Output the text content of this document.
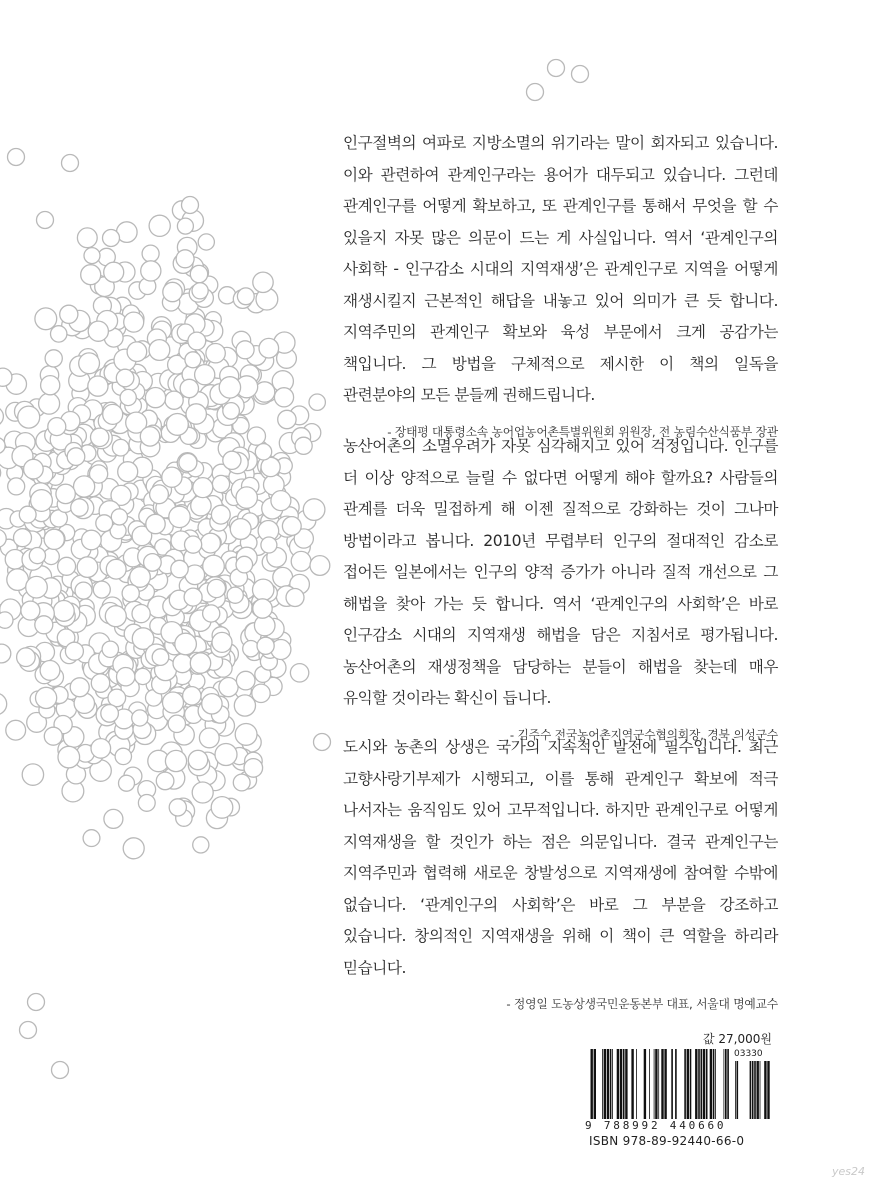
인구절벽의 여파로 지방소멸의 위기라는 말이 회자되고 있습니다. 이와 관련하여 관계인구라는 용어가 대두되고 있습니다. 그런데 관계인구를 어떻게 확보하고, 또 관계인구를 통해서 무엇을 할 수 있을지 자못 많은 의문이 드는 게 사실입니다. 역서 ‘관계인구의 사회학 - 인구감소 시대의 지역재생’은 관계인구로 지역을 어떻게 재생시킬지 근본적인 해답을 내놓고 있어 의미가 큰 듯 합니다. 지역주민의 관계인구 확보와 육성 부문에서 크게 공감가는 책입니다. 그 방법을 구체적으로 제시한 이 책의 일독을 관련분야의 모든 분들께 권해드립니다.

- 장태평 대통령소속 농어업농어촌특별위원회 위원장, 전 농림수산식품부 장관

농산어촌의 소멸우려가 자못 심각해지고 있어 걱정입니다. 인구를 더 이상 양적으로 늘릴 수 없다면 어떻게 해야 할까요? 사람들의 관계를 더욱 밀접하게 해 이젠 질적으로 강화하는 것이 그나마 방법이라고 봅니다. 2010년 무렵부터 인구의 절대적인 감소로 접어든 일본에서는 인구의 양적 증가가 아니라 질적 개선으로 그 해법을 찾아 가는 듯 합니다. 역서 ‘관계인구의 사회학’은 바로 인구감소 시대의 지역재생 해법을 담은 지침서로 평가됩니다. 농산어촌의 재생정책을 담당하는 분들이 해법을 찾는데 매우 유익할 것이라는 확신이 듭니다.

- 김주수 전국농어촌지역군수협의회장, 경북 의성군수

도시와 농촌의 상생은 국가의 지속적인 발전에 필수입니다. 최근 고향사랑기부제가 시행되고, 이를 통해 관계인구 확보에 적극 나서자는 움직임도 있어 고무적입니다. 하지만 관계인구로 어떻게 지역재생을 할 것인가 하는 점은 의문입니다. 결국 관계인구는 지역주민과 협력해 새로운 창발성으로 지역재생에 참여할 수밖에 없습니다. ‘관계인구의 사회학’은 바로 그 부분을 강조하고 있습니다. 창의적인 지역재생을 위해 이 책이 큰 역할을 하리라 믿습니다.

- 정영일 도농상생국민운동본부 대표, 서울대 명예교수

값 27,000원
03330
9 788992 440660
ISBN 978-89-92440-66-0
yes24
